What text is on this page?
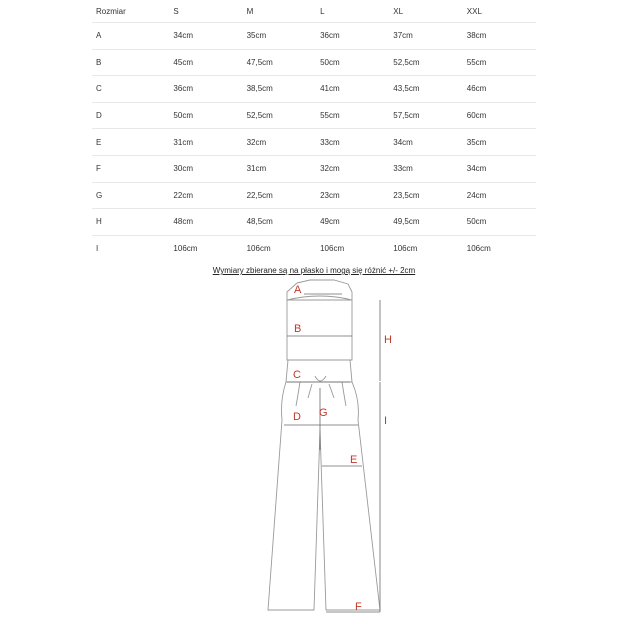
Rozmiar	S	M	L	XL	XXL
A	34cm	35cm	36cm	37cm	38cm
B	45cm	47,5cm	50cm	52,5cm	55cm
C	36cm	38,5cm	41cm	43,5cm	46cm
D	50cm	52,5cm	55cm	57,5cm	60cm
E	31cm	32cm	33cm	34cm	35cm
F	30cm	31cm	32cm	33cm	34cm
G	22cm	22,5cm	23cm	23,5cm	24cm
H	48cm	48,5cm	49cm	49,5cm	50cm
I	106cm	106cm	106cm	106cm	106cm
Wymiary zbierane są na płasko i mogą się różnić +/- 2cm
A
B
C
D G
E
F
H
I
